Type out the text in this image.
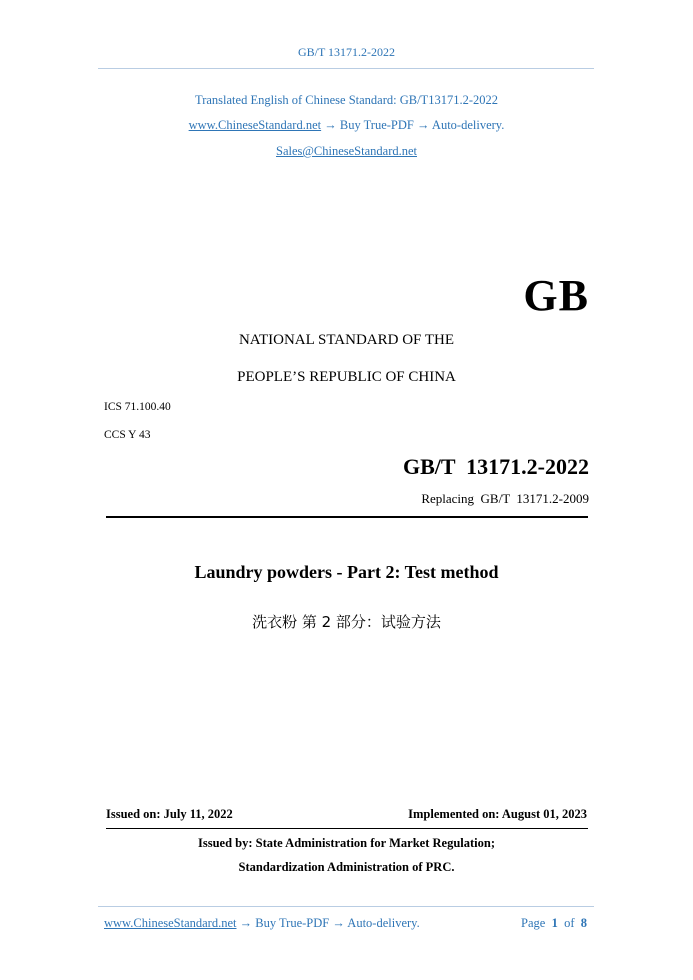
GB/T 13171.2-2022
Translated English of Chinese Standard: GB/T13171.2-2022
www.ChineseStandard.net → Buy True-PDF → Auto-delivery.
Sales@ChineseStandard.net
GB
NATIONAL STANDARD OF THE
PEOPLE’S REPUBLIC OF CHINA
ICS 71.100.40
CCS Y 43
GB/T  13171.2-2022
Replacing  GB/T  13171.2-2009
Laundry powders - Part 2: Test method
洗衣粉 第 2 部分：试验方法
Issued on: July 11, 2022	Implemented on: August 01, 2023
Issued by: State Administration for Market Regulation;
Standardization Administration of PRC.
www.ChineseStandard.net → Buy True-PDF → Auto-delivery.	Page 1 of 8
